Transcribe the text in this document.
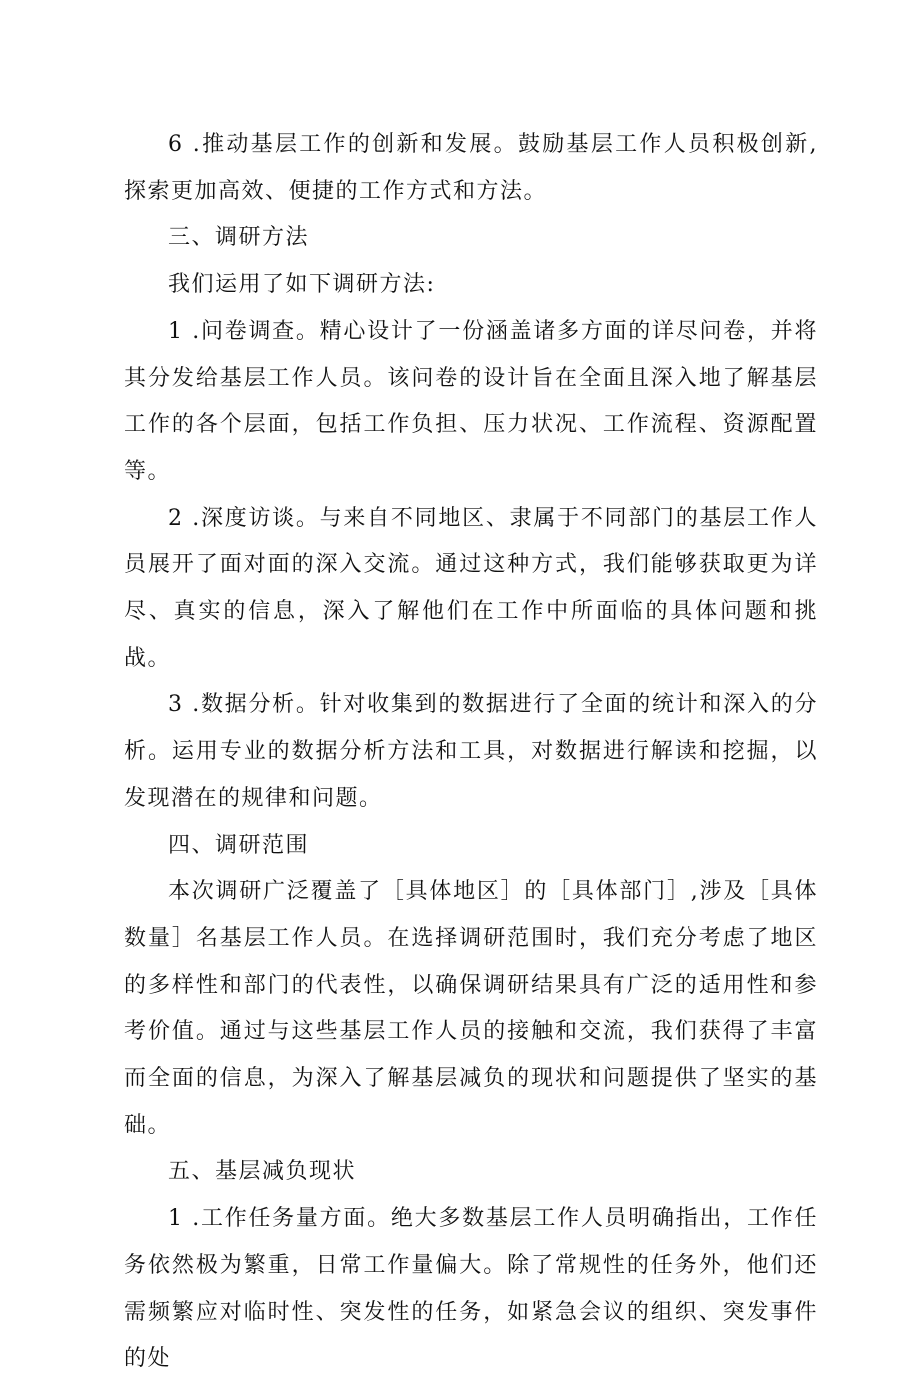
6 .推动基层工作的创新和发展。鼓励基层工作人员积极创新,探索更加高效、便捷的工作方式和方法。

三、调研方法

我们运用了如下调研方法:

1 .问卷调查。精心设计了一份涵盖诸多方面的详尽问卷，并将其分发给基层工作人员。该问卷的设计旨在全面且深入地了解基层工作的各个层面，包括工作负担、压力状况、工作流程、资源配置等。

2 .深度访谈。与来自不同地区、隶属于不同部门的基层工作人员展开了面对面的深入交流。通过这种方式，我们能够获取更为详尽、真实的信息，深入了解他们在工作中所面临的具体问题和挑战。

3 .数据分析。针对收集到的数据进行了全面的统计和深入的分析。运用专业的数据分析方法和工具，对数据进行解读和挖掘，以发现潜在的规律和问题。

四、调研范围

本次调研广泛覆盖了［具体地区］的［具体部门］,涉及［具体数量］名基层工作人员。在选择调研范围时，我们充分考虑了地区的多样性和部门的代表性，以确保调研结果具有广泛的适用性和参考价值。通过与这些基层工作人员的接触和交流，我们获得了丰富而全面的信息，为深入了解基层减负的现状和问题提供了坚实的基础。

五、基层减负现状

1 .工作任务量方面。绝大多数基层工作人员明确指出，工作任务依然极为繁重，日常工作量偏大。除了常规性的任务外，他们还需频繁应对临时性、突发性的任务，如紧急会议的组织、突发事件的处
